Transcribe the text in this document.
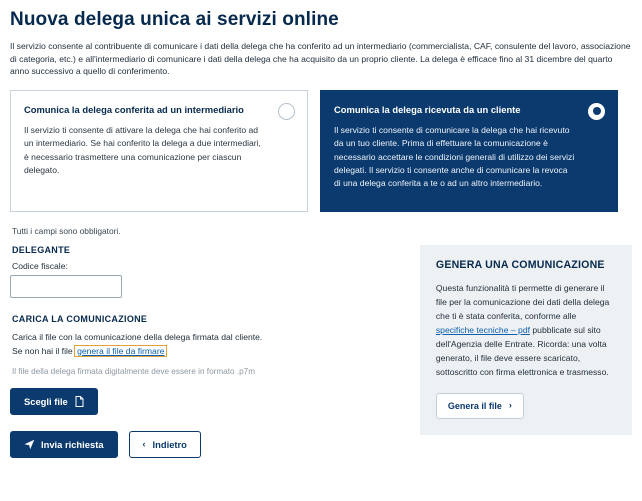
Nuova delega unica ai servizi online

Il servizio consente al contribuente di comunicare i dati della delega che ha conferito ad un intermediario (commercialista, CAF, consulente del lavoro, associazione di categoria, etc.) e all'intermediario di comunicare i dati della delega che ha acquisito da un proprio cliente. La delega è efficace fino al 31 dicembre del quarto anno successivo a quello di conferimento.

Comunica la delega conferita ad un intermediario
Il servizio ti consente di attivare la delega che hai conferito ad un intermediario. Se hai conferito la delega a due intermediari, è necessario trasmettere una comunicazione per ciascun delegato.
Comunica la delega ricevuta da un cliente
Il servizio ti consente di comunicare la delega che hai ricevuto da un tuo cliente. Prima di effettuare la comunicazione è necessario accettare le condizioni generali di utilizzo dei servizi delegati. Il servizio ti consente anche di comunicare la revoca di una delega conferita a te o ad un altro intermediario.
Tutti i campi sono obbligatori.
DELEGANTE
Codice fiscale:
CARICA LA COMUNICAZIONE
Carica il file con la comunicazione della delega firmata dal cliente.
Se non hai il file genera il file da firmare
Il file della delega firmata digitalmente deve essere in formato .p7m
Scegli file
Invia richiesta	‹ Indietro
GENERA UNA COMUNICAZIONE
Questa funzionalità ti permette di generare il file per la comunicazione dei dati della delega che ti è stata conferita, conforme alle specifiche tecniche – pdf pubblicate sul sito dell'Agenzia delle Entrate. Ricorda: una volta generato, il file deve essere scaricato, sottoscritto con firma elettronica e trasmesso.
Genera il file ›
